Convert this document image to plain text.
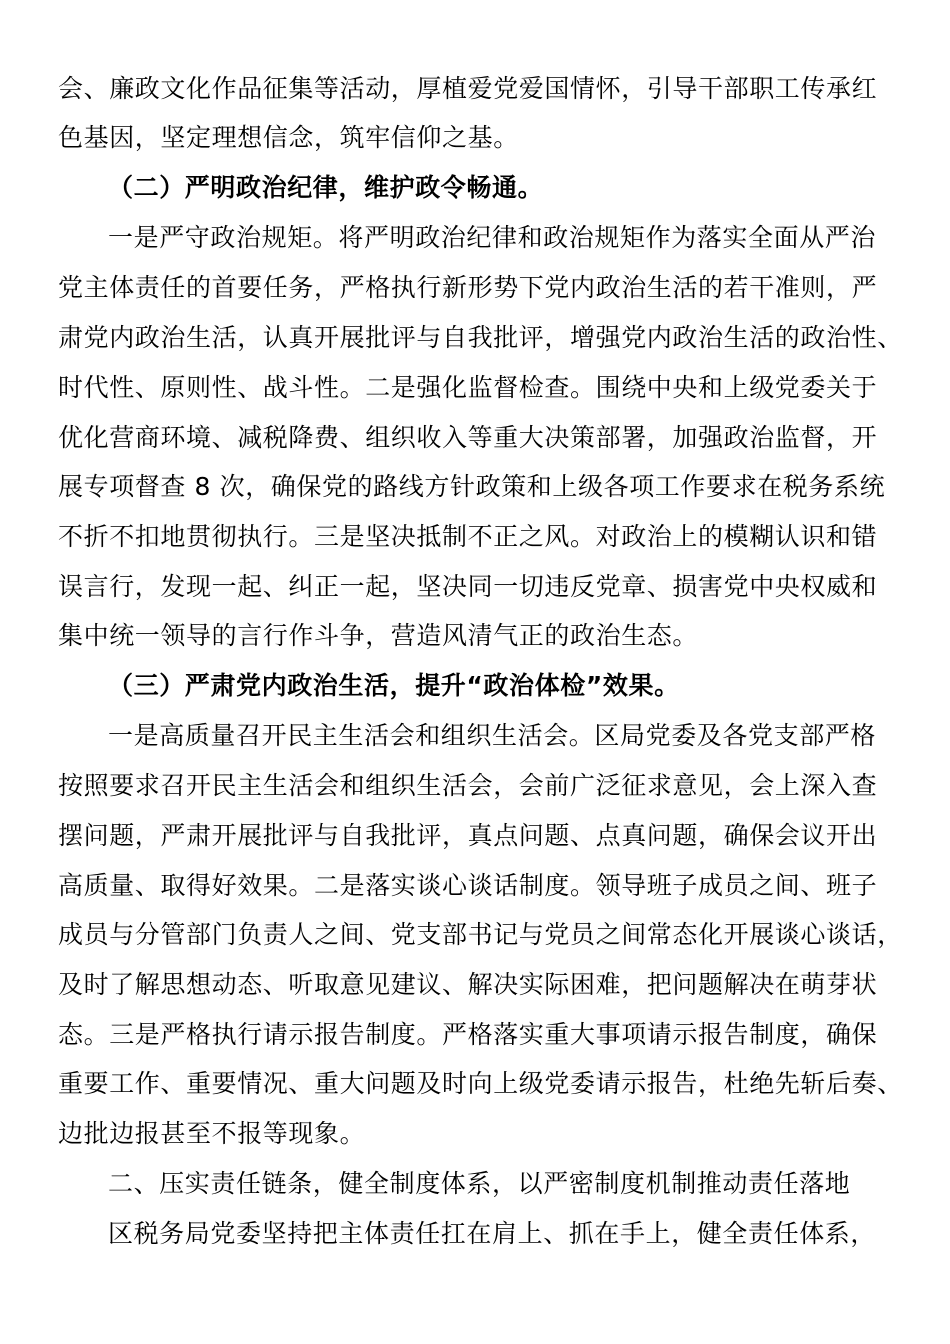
会、廉政文化作品征集等活动，厚植爱党爱国情怀，引导干部职工传承红
色基因，坚定理想信念，筑牢信仰之基。
（二）严明政治纪律，维护政令畅通。
一是严守政治规矩。将严明政治纪律和政治规矩作为落实全面从严治
党主体责任的首要任务，严格执行新形势下党内政治生活的若干准则，严
肃党内政治生活，认真开展批评与自我批评，增强党内政治生活的政治性、
时代性、原则性、战斗性。二是强化监督检查。围绕中央和上级党委关于
优化营商环境、减税降费、组织收入等重大决策部署，加强政治监督，开
展专项督查 8 次，确保党的路线方针政策和上级各项工作要求在税务系统
不折不扣地贯彻执行。三是坚决抵制不正之风。对政治上的模糊认识和错
误言行，发现一起、纠正一起，坚决同一切违反党章、损害党中央权威和
集中统一领导的言行作斗争，营造风清气正的政治生态。
（三）严肃党内政治生活，提升“政治体检”效果。
一是高质量召开民主生活会和组织生活会。区局党委及各党支部严格
按照要求召开民主生活会和组织生活会，会前广泛征求意见，会上深入查
摆问题，严肃开展批评与自我批评，真点问题、点真问题，确保会议开出
高质量、取得好效果。二是落实谈心谈话制度。领导班子成员之间、班子
成员与分管部门负责人之间、党支部书记与党员之间常态化开展谈心谈话，
及时了解思想动态、听取意见建议、解决实际困难，把问题解决在萌芽状
态。三是严格执行请示报告制度。严格落实重大事项请示报告制度，确保
重要工作、重要情况、重大问题及时向上级党委请示报告，杜绝先斩后奏、
边批边报甚至不报等现象。
二、压实责任链条，健全制度体系，以严密制度机制推动责任落地
区税务局党委坚持把主体责任扛在肩上、抓在手上，健全责任体系，
